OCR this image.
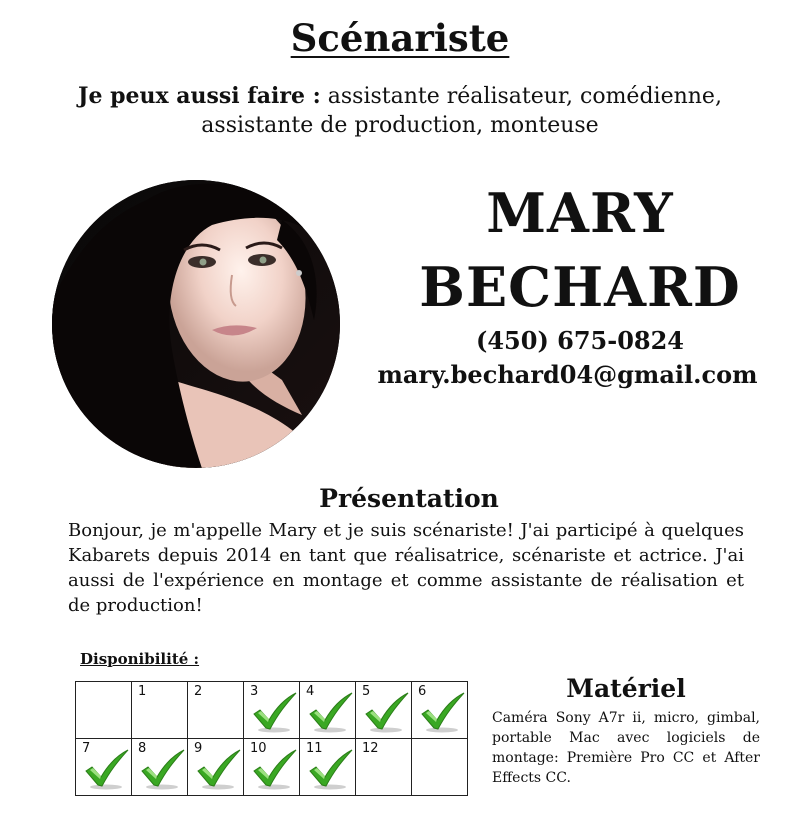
Scénariste
Je peux aussi faire : assistante réalisateur, comédienne, assistante de production, monteuse
MARY
BECHARD
(450) 675-0824
mary.bechard04@gmail.com
Présentation
Bonjour, je m'appelle Mary et je suis scénariste! J'ai participé à quelques Kabarets depuis 2014 en tant que réalisatrice, scénariste et actrice. J'ai aussi de l'expérience en montage et comme assistante de réalisation et de production!
Disponibilité :

	1	2	3	4	5	6

7	8	9	10	11	12	

Matériel
Caméra Sony A7r ii, micro, gimbal, portable Mac avec logiciels de montage: Première Pro CC et After Effects CC.
